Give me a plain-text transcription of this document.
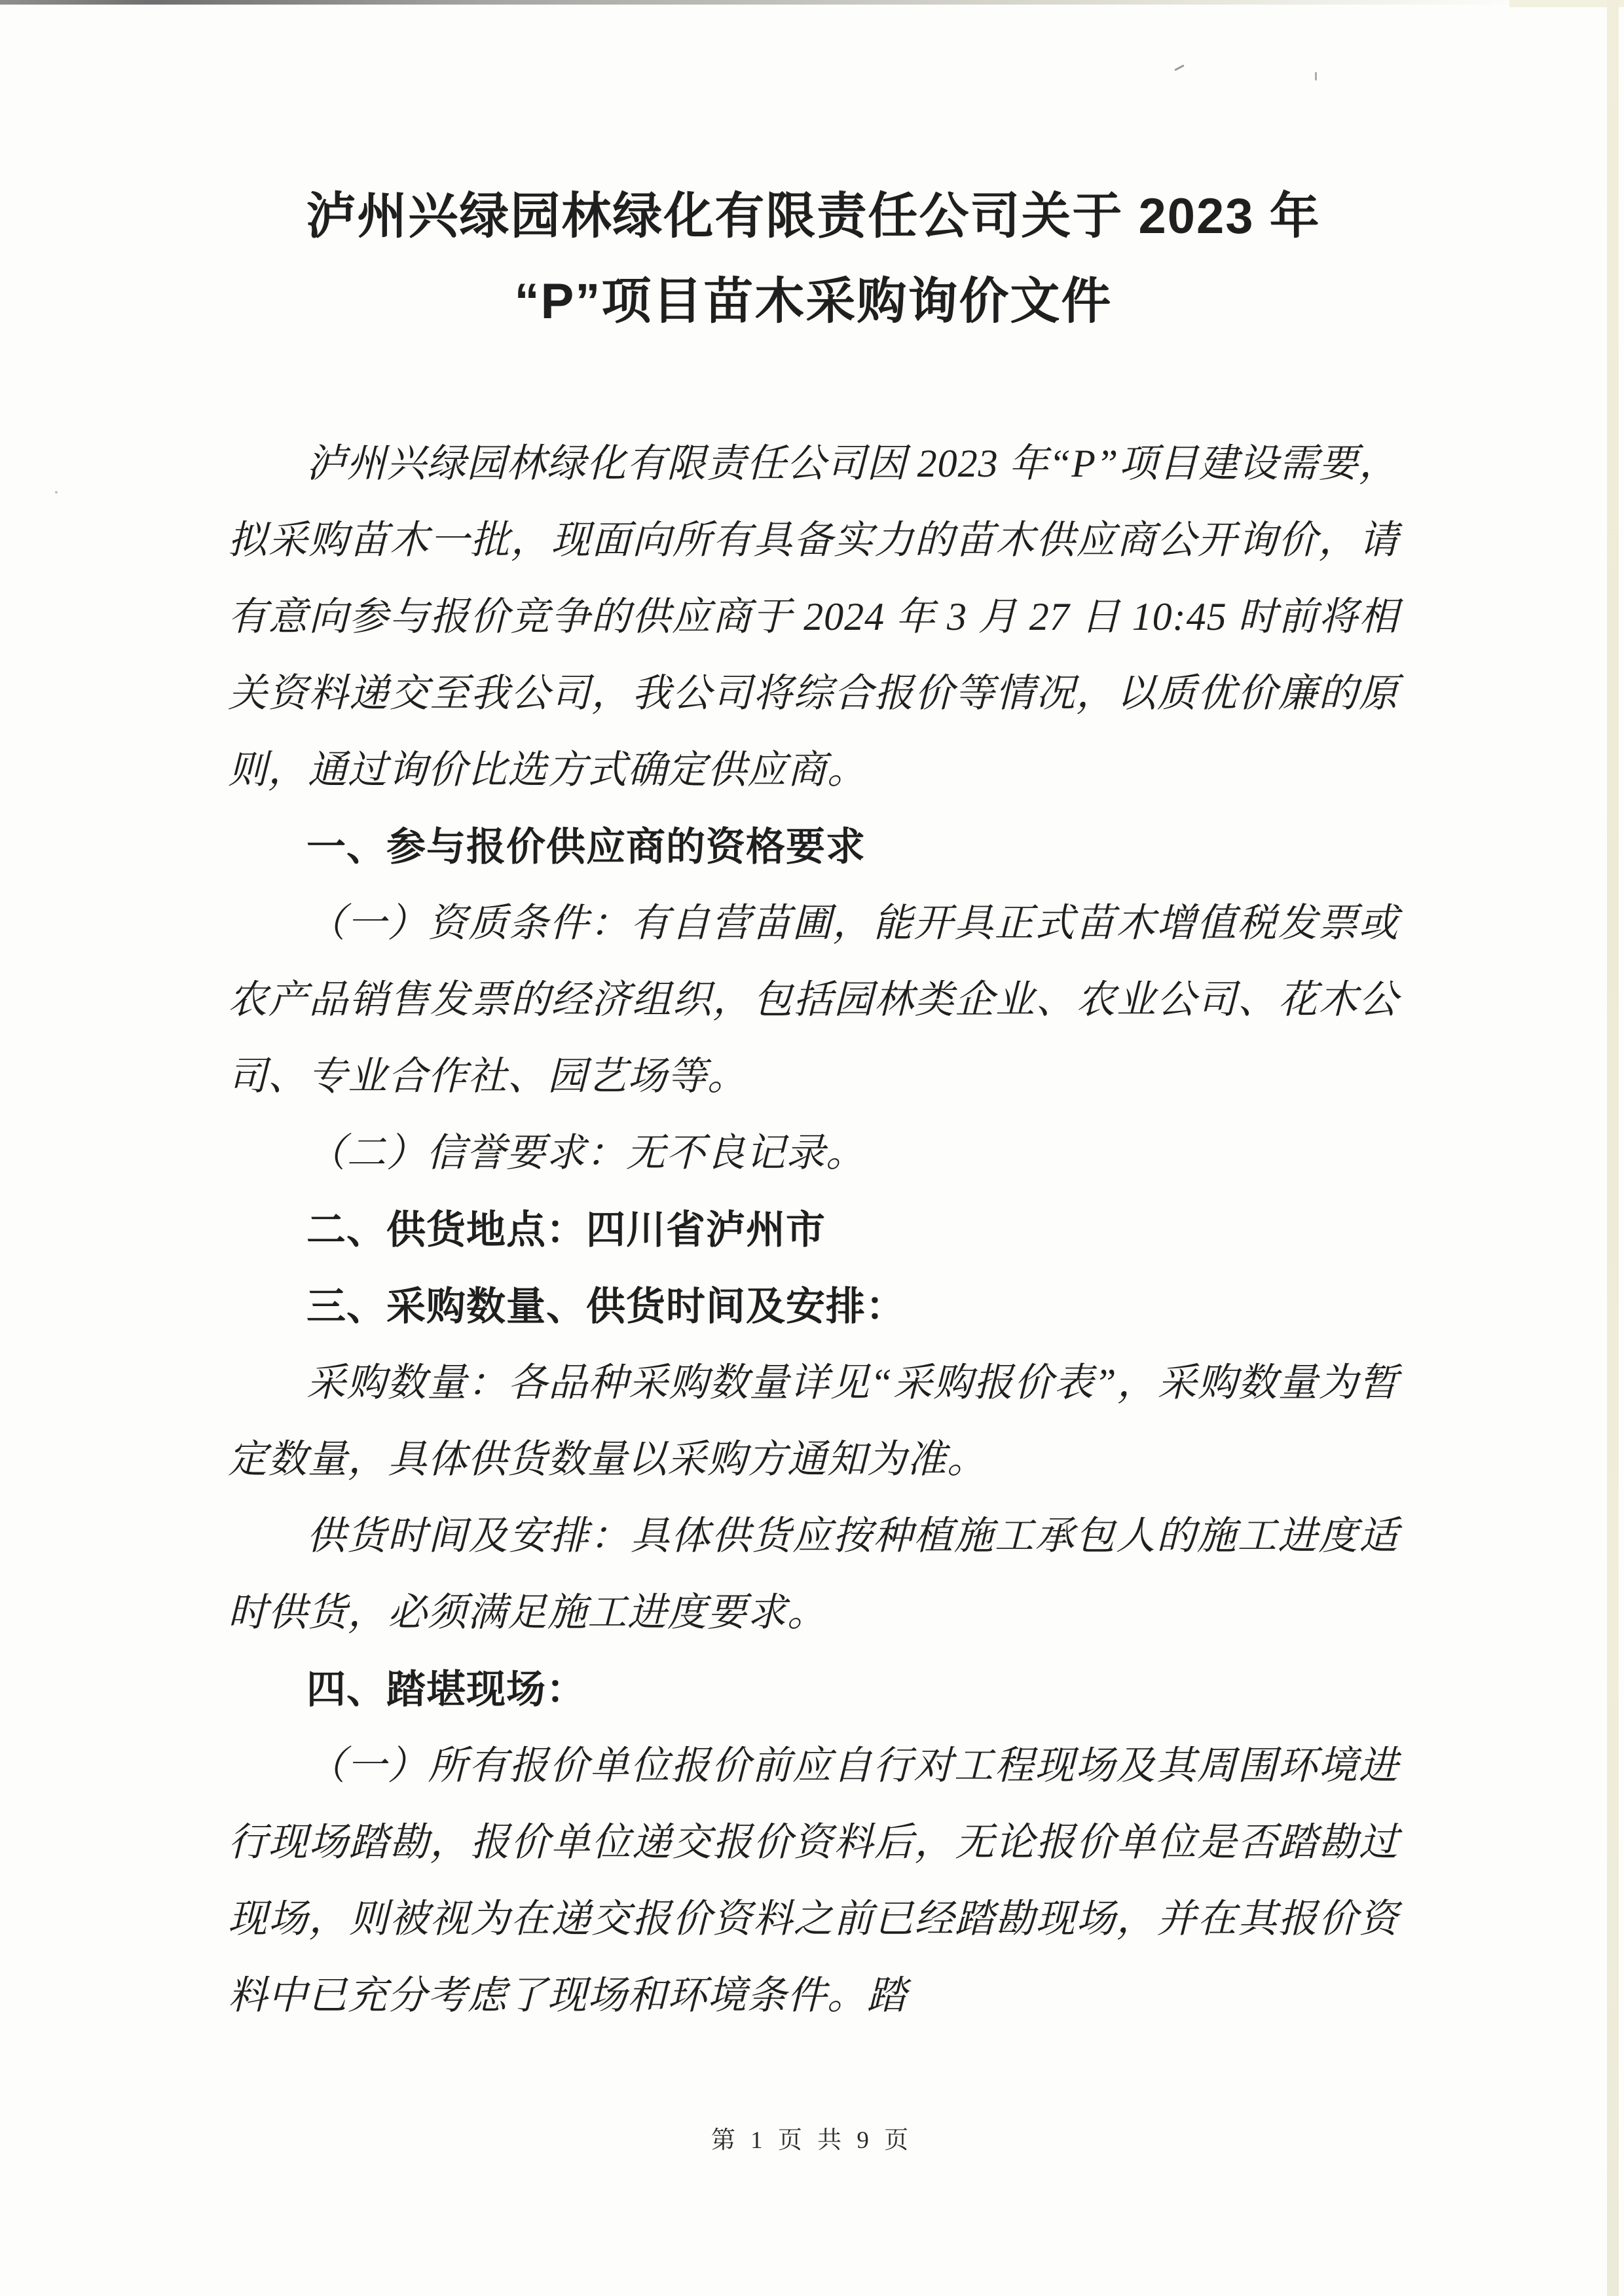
泸州兴绿园林绿化有限责任公司关于 2023 年
“P”项目苗木采购询价文件

泸州兴绿园林绿化有限责任公司因 2023 年“P”项目建设需要，拟采购苗木一批，现面向所有具备实力的苗木供应商公开询价，请有意向参与报价竞争的供应商于 2024 年 3 月 27 日 10:45 时前将相关资料递交至我公司，我公司将综合报价等情况，以质优价廉的原则，通过询价比选方式确定供应商。

一、参与报价供应商的资格要求

（一）资质条件：有自营苗圃，能开具正式苗木增值税发票或农产品销售发票的经济组织，包括园林类企业、农业公司、花木公司、专业合作社、园艺场等。

（二）信誉要求：无不良记录。

二、供货地点：四川省泸州市

三、采购数量、供货时间及安排：

采购数量：各品种采购数量详见“采购报价表”，采购数量为暂定数量，具体供货数量以采购方通知为准。

供货时间及安排：具体供货应按种植施工承包人的施工进度适时供货，必须满足施工进度要求。

四、踏堪现场：

（一）所有报价单位报价前应自行对工程现场及其周围环境进行现场踏勘，报价单位递交报价资料后，无论报价单位是否踏勘过现场，则被视为在递交报价资料之前已经踏勘现场，并在其报价资料中已充分考虑了现场和环境条件。踏

第 1 页 共 9 页
